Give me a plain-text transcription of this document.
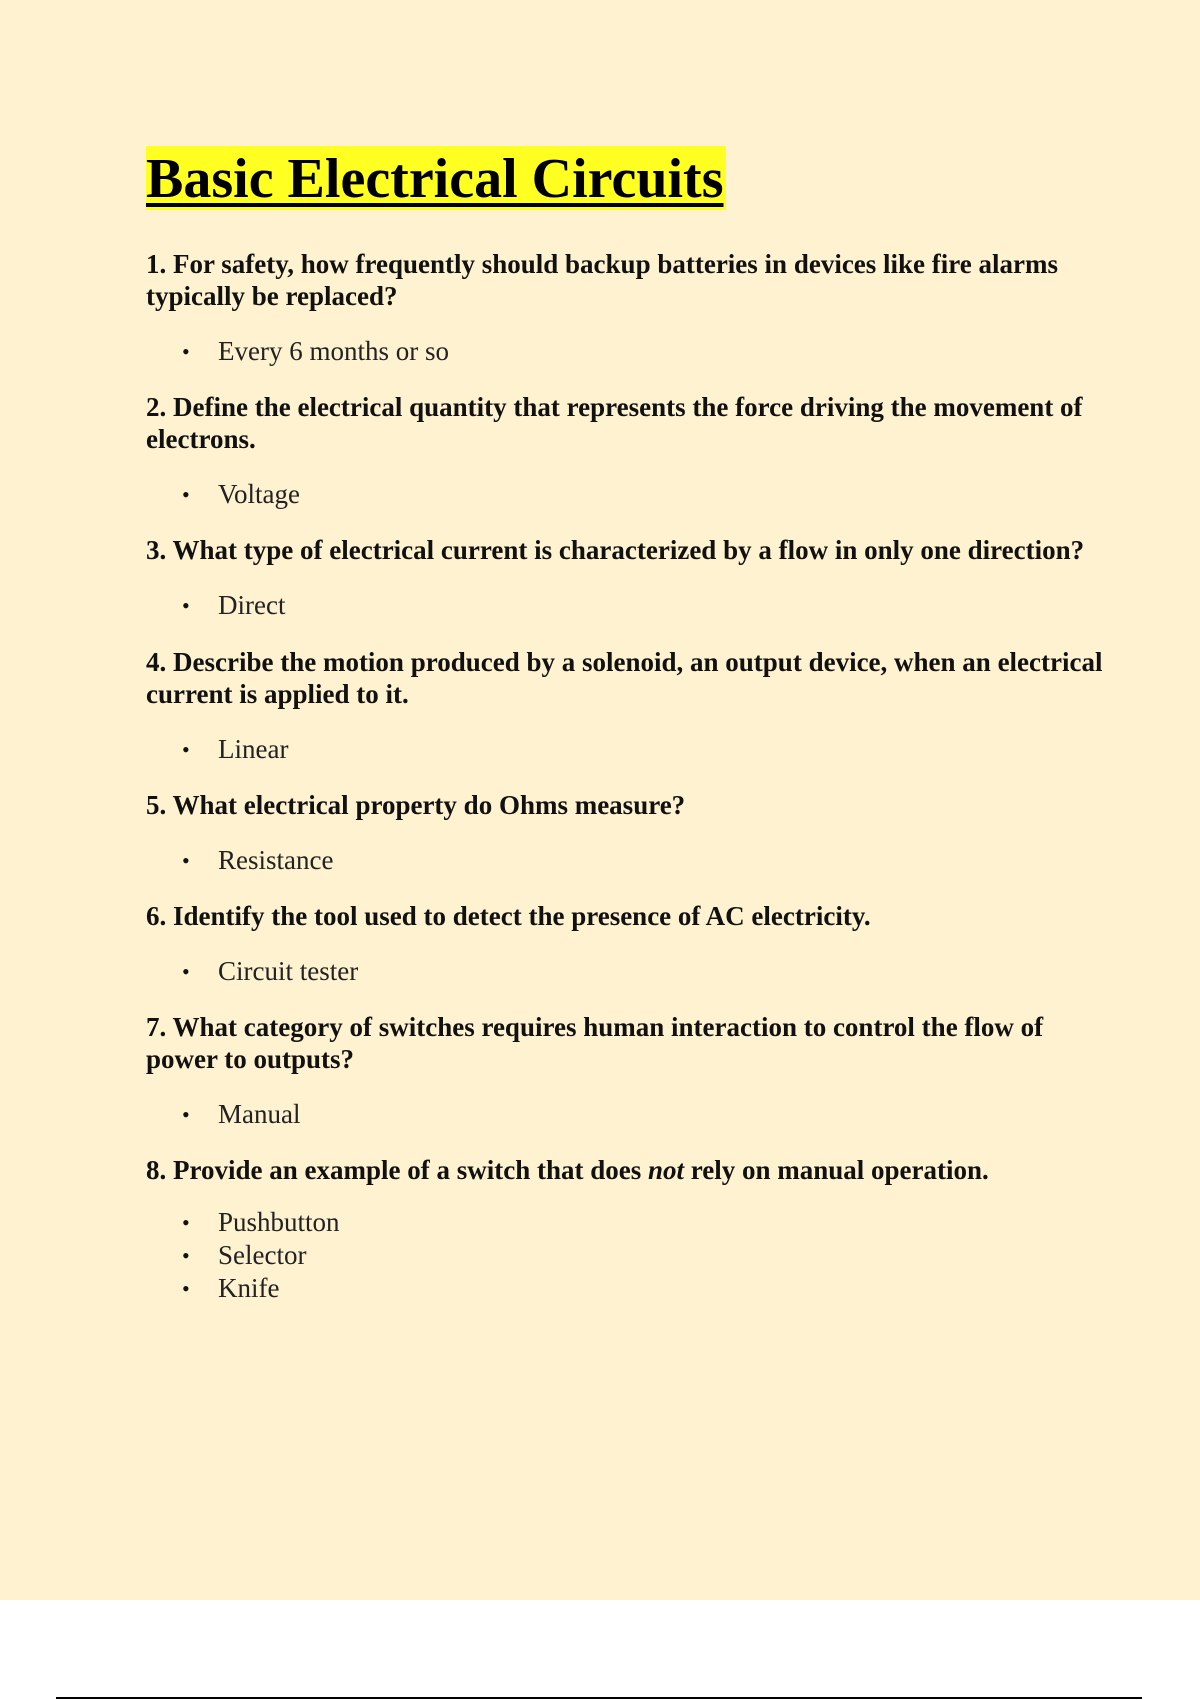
Basic Electrical Circuits

1. For safety, how frequently should backup batteries in devices like fire alarms typically be replaced?

• Every 6 months or so

2. Define the electrical quantity that represents the force driving the movement of electrons.

• Voltage

3. What type of electrical current is characterized by a flow in only one direction?

• Direct

4. Describe the motion produced by a solenoid, an output device, when an electrical current is applied to it.

• Linear

5. What electrical property do Ohms measure?

• Resistance

6. Identify the tool used to detect the presence of AC electricity.

• Circuit tester

7. What category of switches requires human interaction to control the flow of power to outputs?

• Manual

8. Provide an example of a switch that does not rely on manual operation.

• Pushbutton
• Selector
• Knife
